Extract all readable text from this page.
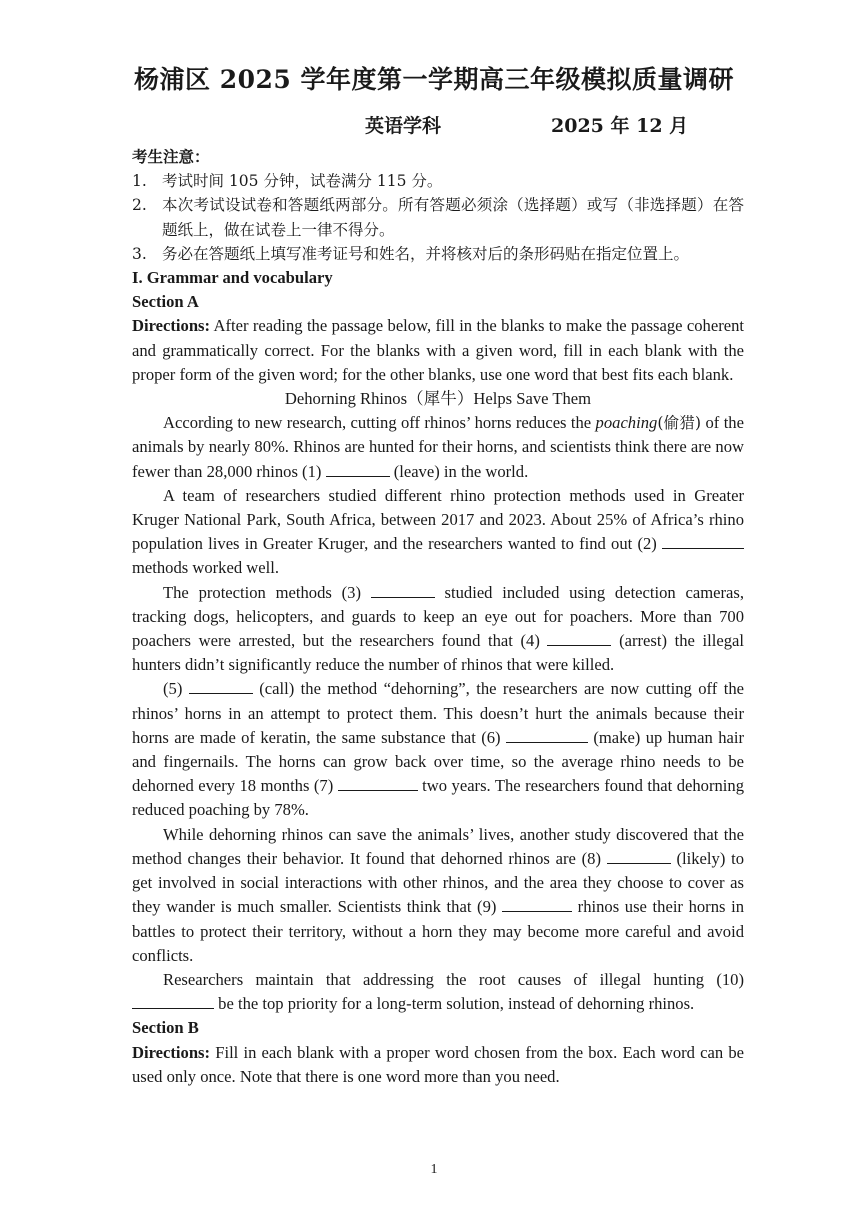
杨浦区 2025 学年度第一学期高三年级模拟质量调研
英语学科	2025 年 12 月
考生注意：
1. 考试时间 105 分钟，试卷满分 115 分。
2. 本次考试设试卷和答题纸两部分。所有答题必须涂（选择题）或写（非选择题）在答题纸上，做在试卷上一律不得分。
3. 务必在答题纸上填写准考证号和姓名，并将核对后的条形码贴在指定位置上。
I. Grammar and vocabulary
Section A

Directions: After reading the passage below, fill in the blanks to make the passage coherent and grammatically correct. For the blanks with a given word, fill in each blank with the proper form of the given word; for the other blanks, use one word that best fits each blank.

Dehorning Rhinos（犀牛）Helps Save Them

According to new research, cutting off rhinos’ horns reduces the poaching(偷猎) of the animals by nearly 80%. Rhinos are hunted for their horns, and scientists think there are now fewer than 28,000 rhinos (1)	(leave) in the world.

A team of researchers studied different rhino protection methods used in Greater Kruger National Park, South Africa, between 2017 and 2023. About 25% of Africa’s rhino population lives in Greater Kruger, and the researchers wanted to find out (2)  methods worked well.

The protection methods (3)	studied included using detection cameras, tracking dogs, helicopters, and guards to keep an eye out for poachers. More than 700 poachers were arrested, but the researchers found that (4)	(arrest) the illegal hunters didn’t significantly reduce the number of rhinos that were killed.

(5)	(call) the method “dehorning”, the researchers are now cutting off the rhinos’ horns in an attempt to protect them. This doesn’t hurt the animals because their horns are made of keratin, the same substance that (6)	(make) up human hair and fingernails. The horns can grow back over time, so the average rhino needs to be dehorned every 18 months (7)	two years. The researchers found that dehorning reduced poaching by 78%.

While dehorning rhinos can save the animals’ lives, another study discovered that the method changes their behavior. It found that dehorned rhinos are (8)	(likely) to get involved in social interactions with other rhinos, and the area they choose to cover as they wander is much smaller. Scientists think that (9)	rhinos use their horns in battles to protect their territory, without a horn they may become more careful and avoid conflicts.

Researchers maintain that addressing the root causes of illegal hunting (10)  be the top priority for a long-term solution, instead of dehorning rhinos.

Section B

Directions: Fill in each blank with a proper word chosen from the box. Each word can be used only once. Note that there is one word more than you need.

1
